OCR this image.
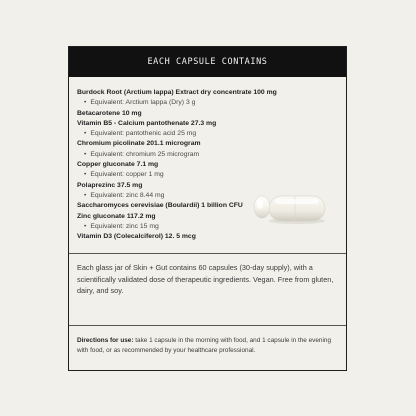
EACH CAPSULE CONTAINS
Burdock Root (Arctium lappa) Extract dry concentrate 100 mg
• Equivalent: Arctium lappa (Dry) 3 g
Betacarotene 10 mg
Vitamin B5 - Calcium pantothenate 27.3 mg
• Equivalent: pantothenic acid 25 mg
Chromium picolinate 201.1 microgram
• Equivalent: chromium 25 microgram
Copper gluconate 7.1 mg
• Equivalent: copper 1 mg
Polaprezinc 37.5 mg
• Equivalent: zinc 8.44 mg
Saccharomyces cerevisiae (Boulardii) 1 billion CFU
Zinc gluconate 117.2 mg
• Equivalent: zinc 15 mg
Vitamin D3 (Colecalciferol) 12. 5 mcg
Each glass jar of Skin + Gut contains 60 capsules (30-day supply), with a scientifically validated dose of therapeutic ingredients. Vegan. Free from gluten, dairy, and soy.
Directions for use: take 1 capsule in the morning with food, and 1 capsule in the evening with food, or as recommended by your healthcare professional.
